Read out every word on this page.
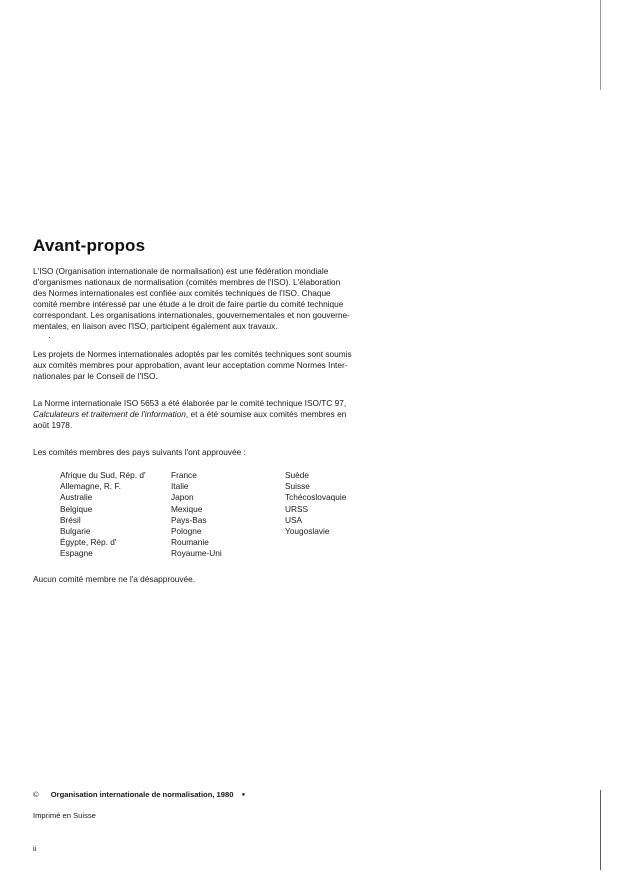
Avant-propos

L'ISO (Organisation internationale de normalisation) est une fédération mondiale
d'organismes nationaux de normalisation (comités membres de l'ISO). L'élaboration
des Normes internationales est confiée aux comités techniques de l'ISO. Chaque
comité membre intéressé par une étude a le droit de faire partie du comité technique
correspondant. Les organisations internationales, gouvernementales et non gouverne-
mentales, en liaison avec l'ISO, participent également aux travaux.

Les projets de Normes internationales adoptés par les comités techniques sont soumis
aux comités membres pour approbation, avant leur acceptation comme Normes Inter-
nationales par le Conseil de l'ISO.

La Norme internationale ISO 5653 a été élaborée par le comité technique ISO/TC 97,
Calculateurs et traitement de l'information, et a été soumise aux comités membres en
août 1978.

Les comités membres des pays suivants l'ont approuvée :

Afrique du Sud, Rép. d'
Allemagne, R. F.
Australie
Belgique
Brésil
Bulgarie
Égypte, Rép. d'
Espagne
France
Italie
Japon
Mexique
Pays-Bas
Pologne
Roumanie
Royaume-Uni
Suède
Suisse
Tchécoslovaquie
URSS
USA
Yougoslavie

Aucun comité membre ne l'a désapprouvée.

© Organisation internationale de normalisation, 1980 ●
Imprimé en Suisse
ii
